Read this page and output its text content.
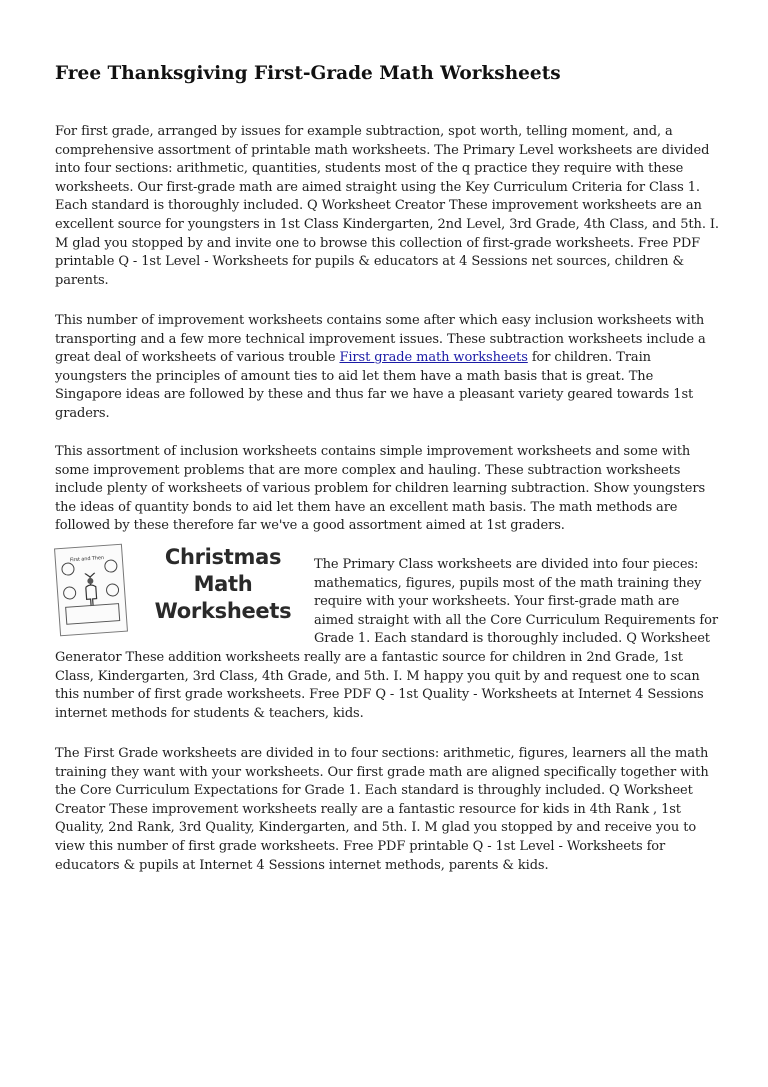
Free Thanksgiving First-Grade Math Worksheets

For first grade, arranged by issues for example subtraction, spot worth, telling moment, and, a comprehensive assortment of printable math worksheets. The Primary Level worksheets are divided into four sections: arithmetic, quantities, students most of the q practice they require with these worksheets. Our first-grade math are aimed straight using the Key Curriculum Criteria for Class 1. Each standard is thoroughly included. Q Worksheet Creator These improvement worksheets are an excellent source for youngsters in 1st Class Kindergarten, 2nd Level, 3rd Grade, 4th Class, and 5th. I. M glad you stopped by and invite one to browse this collection of first-grade worksheets. Free PDF printable Q - 1st Level - Worksheets for pupils & educators at 4 Sessions net sources, children & parents.

This number of improvement worksheets contains some after which easy inclusion worksheets with transporting and a few more technical improvement issues. These subtraction worksheets include a great deal of worksheets of various trouble First grade math worksheets for children. Train youngsters the principles of amount ties to aid let them have a math basis that is great. The Singapore ideas are followed by these and thus far we have a pleasant variety geared towards 1st graders.

This assortment of inclusion worksheets contains simple improvement worksheets and some with some improvement problems that are more complex and hauling. These subtraction worksheets include plenty of worksheets of various problem for children learning subtraction. Show youngsters the ideas of quantity bonds to aid let them have an excellent math basis. The math methods are followed by these therefore far we've a good assortment aimed at 1st graders.

First and Then	Christmas
Math
Worksheets
The Primary Class worksheets are divided into four pieces: mathematics, figures, pupils most of the math training they require with your worksheets. Your first-grade math are aimed straight with all the Core Curriculum Requirements for Grade 1. Each standard is thoroughly included. Q Worksheet Generator These addition worksheets really are a fantastic source for children in 2nd Grade, 1st Class, Kindergarten, 3rd Class, 4th Grade, and 5th. I. M happy you quit by and request one to scan this number of first grade worksheets. Free PDF Q - 1st Quality - Worksheets at Internet 4 Sessions internet methods for students & teachers, kids.

The First Grade worksheets are divided in to four sections: arithmetic, figures, learners all the math training they want with your worksheets. Our first grade math are aligned specifically together with the Core Curriculum Expectations for Grade 1. Each standard is throughly included. Q Worksheet Creator These improvement worksheets really are a fantastic resource for kids in 4th Rank , 1st Quality, 2nd Rank, 3rd Quality, Kindergarten, and 5th. I. M glad you stopped by and receive you to view this number of first grade worksheets. Free PDF printable Q - 1st Level - Worksheets for educators & pupils at Internet 4 Sessions internet methods, parents & kids.
